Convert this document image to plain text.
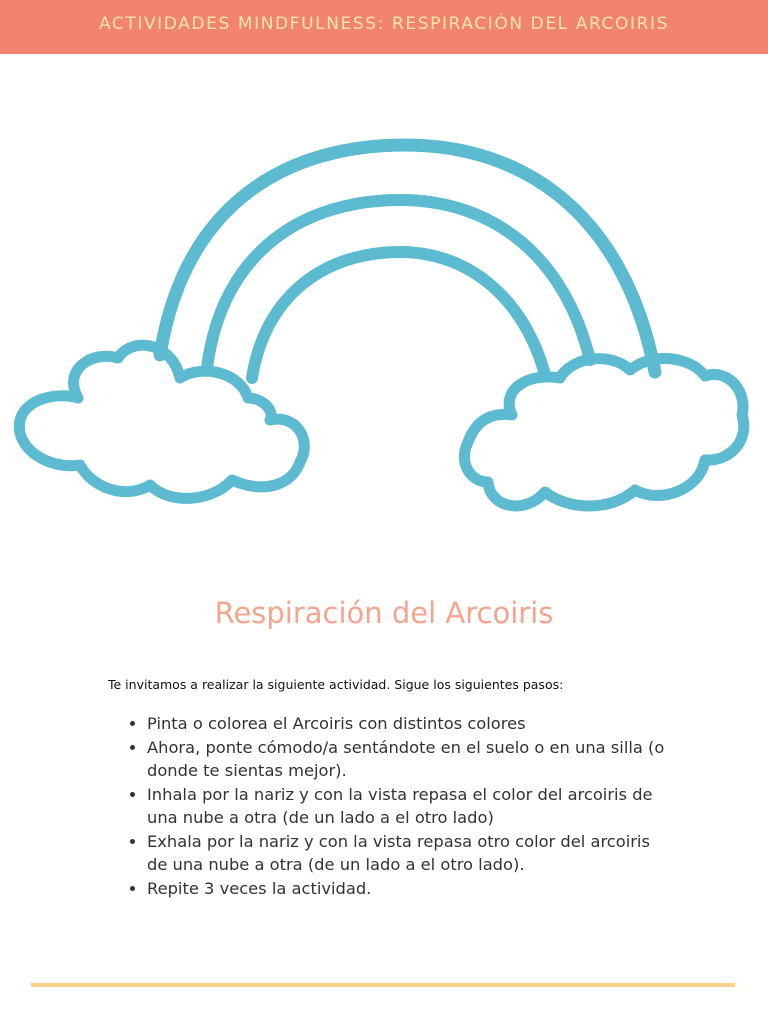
ACTIVIDADES MINDFULNESS: RESPIRACIÓN DEL ARCOIRIS
Respiración del Arcoiris
Te invitamos a realizar la siguiente actividad. Sigue los siguientes pasos:
• Pinta o colorea el Arcoiris con distintos colores
• Ahora, ponte cómodo/a sentándote en el suelo o en una silla (o donde te sientas mejor).
• Inhala por la nariz y con la vista repasa el color del arcoiris de una nube a otra (de un lado a el otro lado)
• Exhala por la nariz y con la vista repasa otro color del arcoiris de una nube a otra (de un lado a el otro lado).
• Repite 3 veces la actividad.
